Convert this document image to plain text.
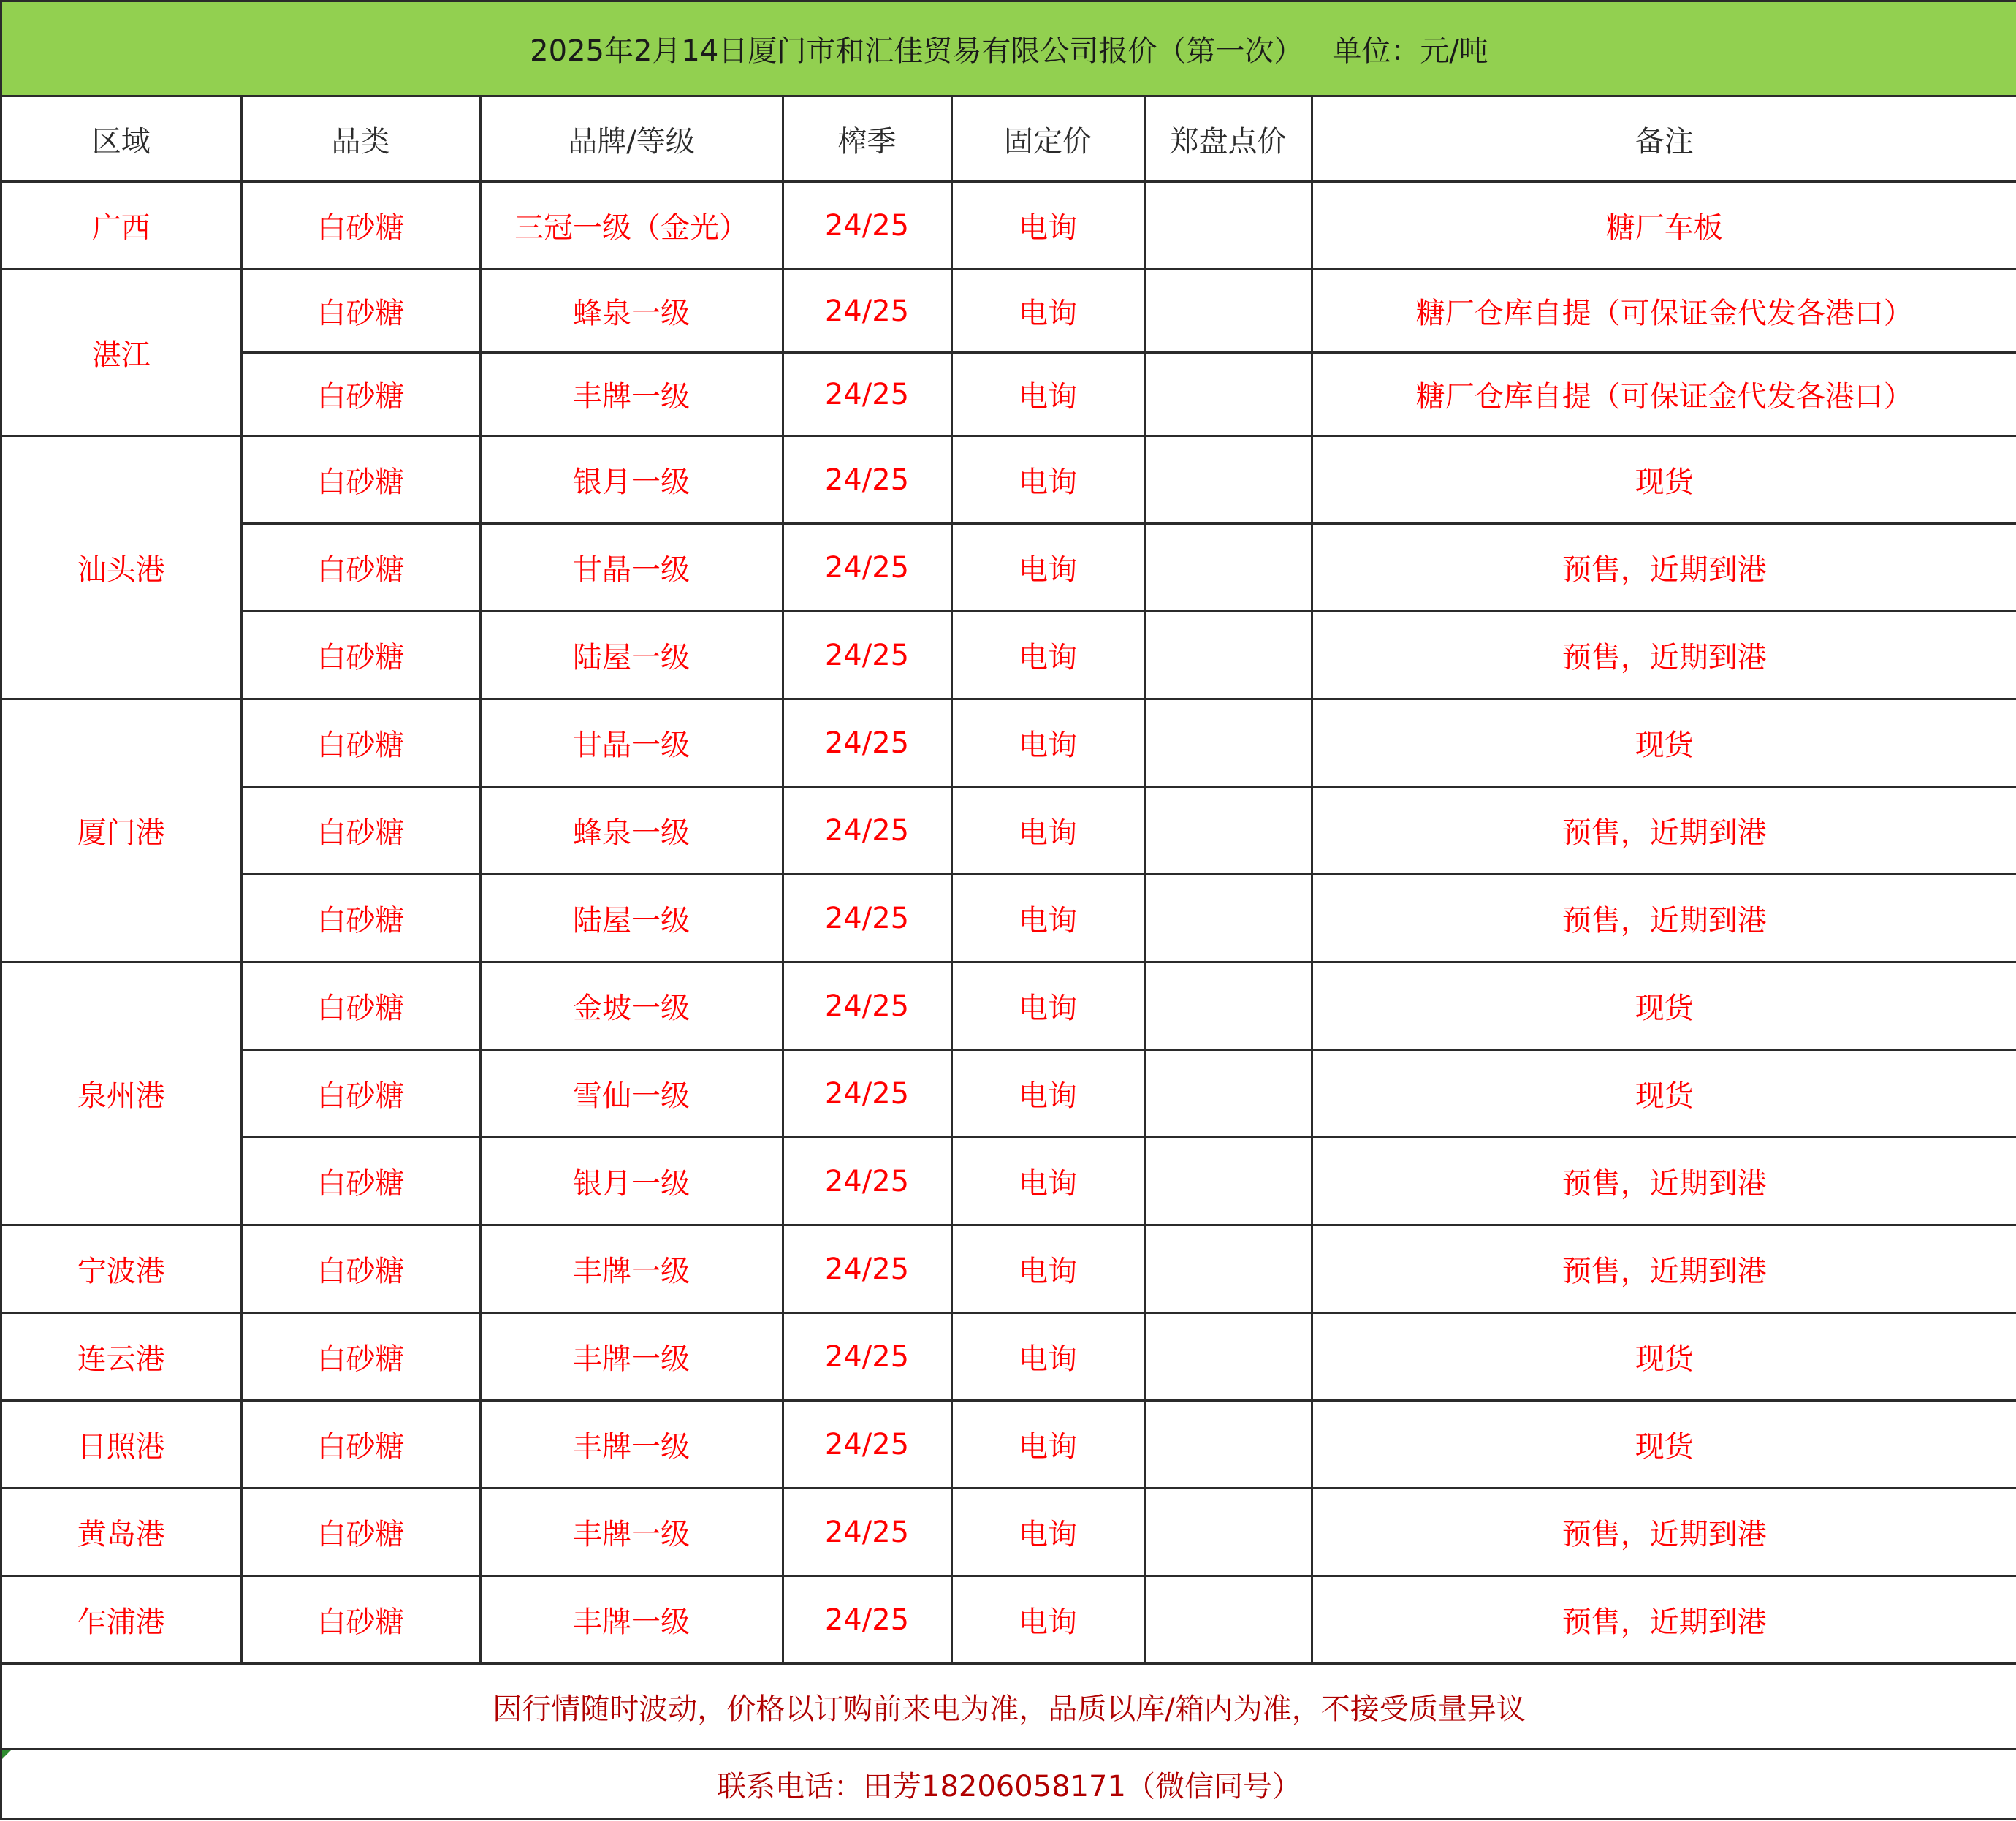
2025年2月14日厦门市和汇佳贸易有限公司报价（第一次） 单位：元/吨
区域	品类	品牌/等级	榨季	固定价	郑盘点价	备注
广西	白砂糖	三冠一级（金光）	24/25	电询		糖厂车板
湛江	白砂糖	蜂泉一级	24/25	电询		糖厂仓库自提（可保证金代发各港口）
	白砂糖	丰牌一级	24/25	电询		糖厂仓库自提（可保证金代发各港口）
汕头港	白砂糖	银月一级	24/25	电询		现货
	白砂糖	甘晶一级	24/25	电询		预售，近期到港
	白砂糖	陆屋一级	24/25	电询		预售，近期到港
厦门港	白砂糖	甘晶一级	24/25	电询		现货
	白砂糖	蜂泉一级	24/25	电询		预售，近期到港
	白砂糖	陆屋一级	24/25	电询		预售，近期到港
泉州港	白砂糖	金坡一级	24/25	电询		现货
	白砂糖	雪仙一级	24/25	电询		现货
	白砂糖	银月一级	24/25	电询		预售，近期到港
宁波港	白砂糖	丰牌一级	24/25	电询		预售，近期到港
连云港	白砂糖	丰牌一级	24/25	电询		现货
日照港	白砂糖	丰牌一级	24/25	电询		现货
黄岛港	白砂糖	丰牌一级	24/25	电询		预售，近期到港
乍浦港	白砂糖	丰牌一级	24/25	电询		预售，近期到港
因行情随时波动，价格以订购前来电为准，品质以库/箱内为准，不接受质量异议
联系电话：田芳18206058171（微信同号）
